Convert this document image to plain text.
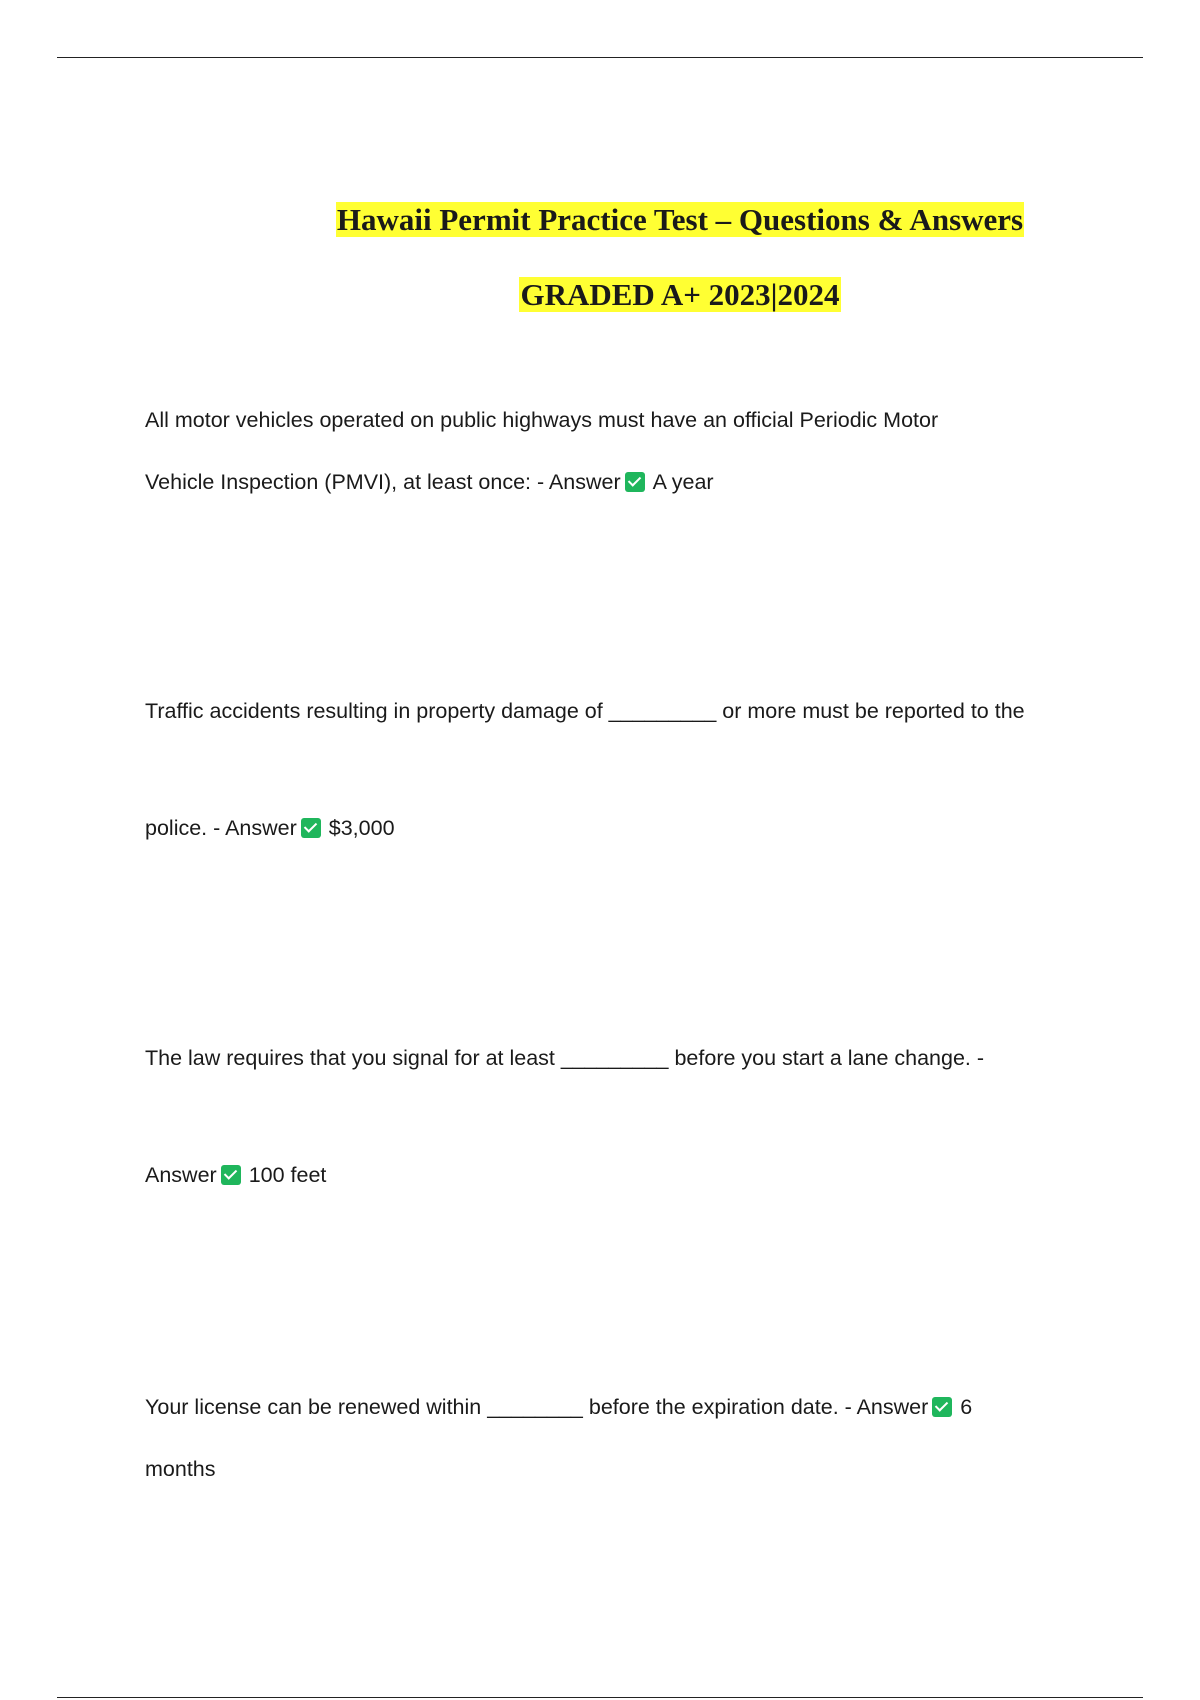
Hawaii Permit Practice Test – Questions & Answers
GRADED A+ 2023|2024
All motor vehicles operated on public highways must have an official Periodic Motor
Vehicle Inspection (PMVI), at least once: - Answer A year
Traffic accidents resulting in property damage of _________ or more must be reported to the
police. - Answer $3,000
The law requires that you signal for at least _________ before you start a lane change. -
Answer 100 feet
Your license can be renewed within ________ before the expiration date. - Answer 6
months
